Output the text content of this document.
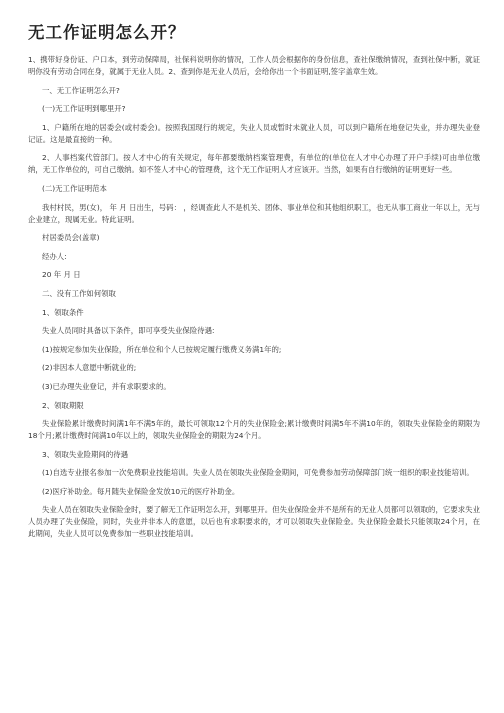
无工作证明怎么开？

1、携带好身份证、户口本，到劳动保障局，社保科说明你的情况，工作人员会根据你的身份信息，查社保缴纳情况，查到社保中断，就证明你没有劳动合同在身，就属于无业人员。2、查到你是无业人员后，会给你出一个书面证明,签字盖章生效。

一、无工作证明怎么开?

(一)无工作证明到哪里开?

1、户籍所在地的居委会(或村委会)。按照我国现行的规定，失业人员或暂时未就业人员，可以到户籍所在地登记失业，并办理失业登记证。这是最直接的一种。

2、人事档案代管部门。按人才中心的有关规定，每年都要缴纳档案管理费，有单位的(单位在人才中心办理了开户手续)可由单位缴纳，无工作单位的，可自己缴纳。如不签人才中心的管理费，这个无工作证明人才应该开。当然，如果有自行缴纳的证明更好一些。

(二)无工作证明范本

我村村民，男(女)， 年 月 日出生，号码： ，经调查此人不是机关、团体、事业单位和其他组织职工，也无从事工商业一年以上，无与企业建立，现属无业。特此证明。

村居委员会(盖章)

经办人:

20 年 月 日

二、没有工作如何领取

1、领取条件

失业人员同时具备以下条件，即可享受失业保险待遇:

(1)按规定参加失业保险，所在单位和个人已按规定履行缴费义务满1年的;

(2)非因本人意愿中断就业的;

(3)已办理失业登记，并有求职要求的。

2、领取期限

失业保险累计缴费时间满1年不满5年的，最长可领取12个月的失业保险金;累计缴费时间满5年不满10年的，领取失业保险金的期限为18个月;累计缴费时间满10年以上的，领取失业保险金的期限为24个月。

3、领取失业险期间的待遇

(1)自选专业报名参加一次免费职业技能培训。失业人员在领取失业保险金期间，可免费参加劳动保障部门统一组织的职业技能培训。

(2)医疗补助金。每月随失业保险金发放10元的医疗补助金。

失业人员在领取失业保险金时，要了解无工作证明怎么开，到哪里开。但失业保险金并不是所有的无业人员都可以领取的，它要求失业人员办理了失业保险，同时，失业并非本人的意愿，以后也有求职要求的，才可以领取失业保险金。失业保险金最长只能领取24个月，在此期间，失业人员可以免费参加一些职业技能培训。
